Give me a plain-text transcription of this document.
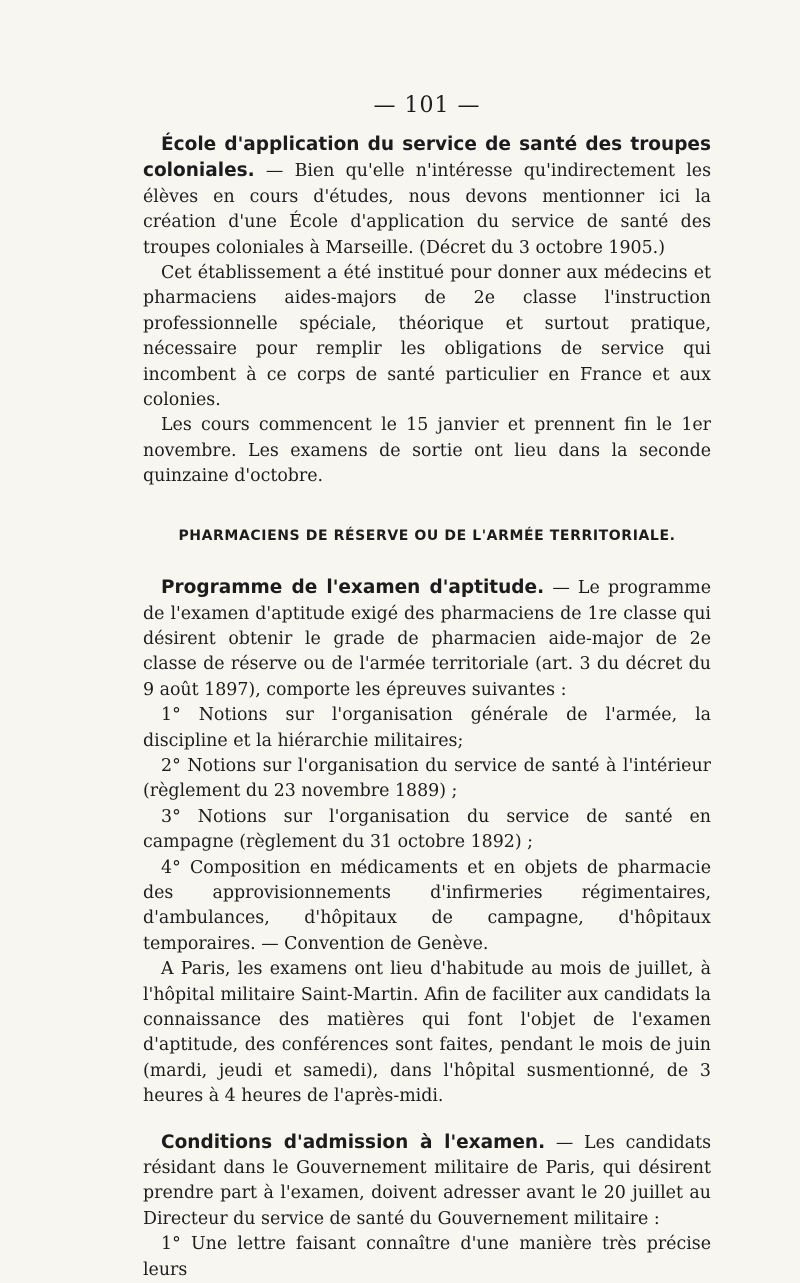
— 101 —

École d'application du service de santé des troupes coloniales. — Bien qu'elle n'intéresse qu'indirectement les élèves en cours d'études, nous devons mentionner ici la création d'une École d'application du service de santé des troupes coloniales à Marseille. (Décret du 3 octobre 1905.)

Cet établissement a été institué pour donner aux médecins et pharmaciens aides-majors de 2e classe l'instruction professionnelle spéciale, théorique et surtout pratique, nécessaire pour remplir les obligations de service qui incombent à ce corps de santé particulier en France et aux colonies.

Les cours commencent le 15 janvier et prennent fin le 1er novembre. Les examens de sortie ont lieu dans la seconde quinzaine d'octobre.

PHARMACIENS DE RÉSERVE OU DE L'ARMÉE TERRITORIALE.

Programme de l'examen d'aptitude. — Le programme de l'examen d'aptitude exigé des pharmaciens de 1re classe qui désirent obtenir le grade de pharmacien aide-major de 2e classe de réserve ou de l'armée territoriale (art. 3 du décret du 9 août 1897), comporte les épreuves suivantes :

1° Notions sur l'organisation générale de l'armée, la discipline et la hiérarchie militaires;

2° Notions sur l'organisation du service de santé à l'intérieur (règlement du 23 novembre 1889) ;

3° Notions sur l'organisation du service de santé en campagne (règlement du 31 octobre 1892) ;

4° Composition en médicaments et en objets de pharmacie des approvisionnements d'infirmeries régimentaires, d'ambulances, d'hôpitaux de campagne, d'hôpitaux temporaires. — Convention de Genève.

A Paris, les examens ont lieu d'habitude au mois de juillet, à l'hôpital militaire Saint-Martin. Afin de faciliter aux candidats la connaissance des matières qui font l'objet de l'examen d'aptitude, des conférences sont faites, pendant le mois de juin (mardi, jeudi et samedi), dans l'hôpital susmentionné, de 3 heures à 4 heures de l'après-midi.

Conditions d'admission à l'examen. — Les candidats résidant dans le Gouvernement militaire de Paris, qui désirent prendre part à l'examen, doivent adresser avant le 20 juillet au Directeur du service de santé du Gouvernement militaire :

1° Une lettre faisant connaître d'une manière très précise leurs
